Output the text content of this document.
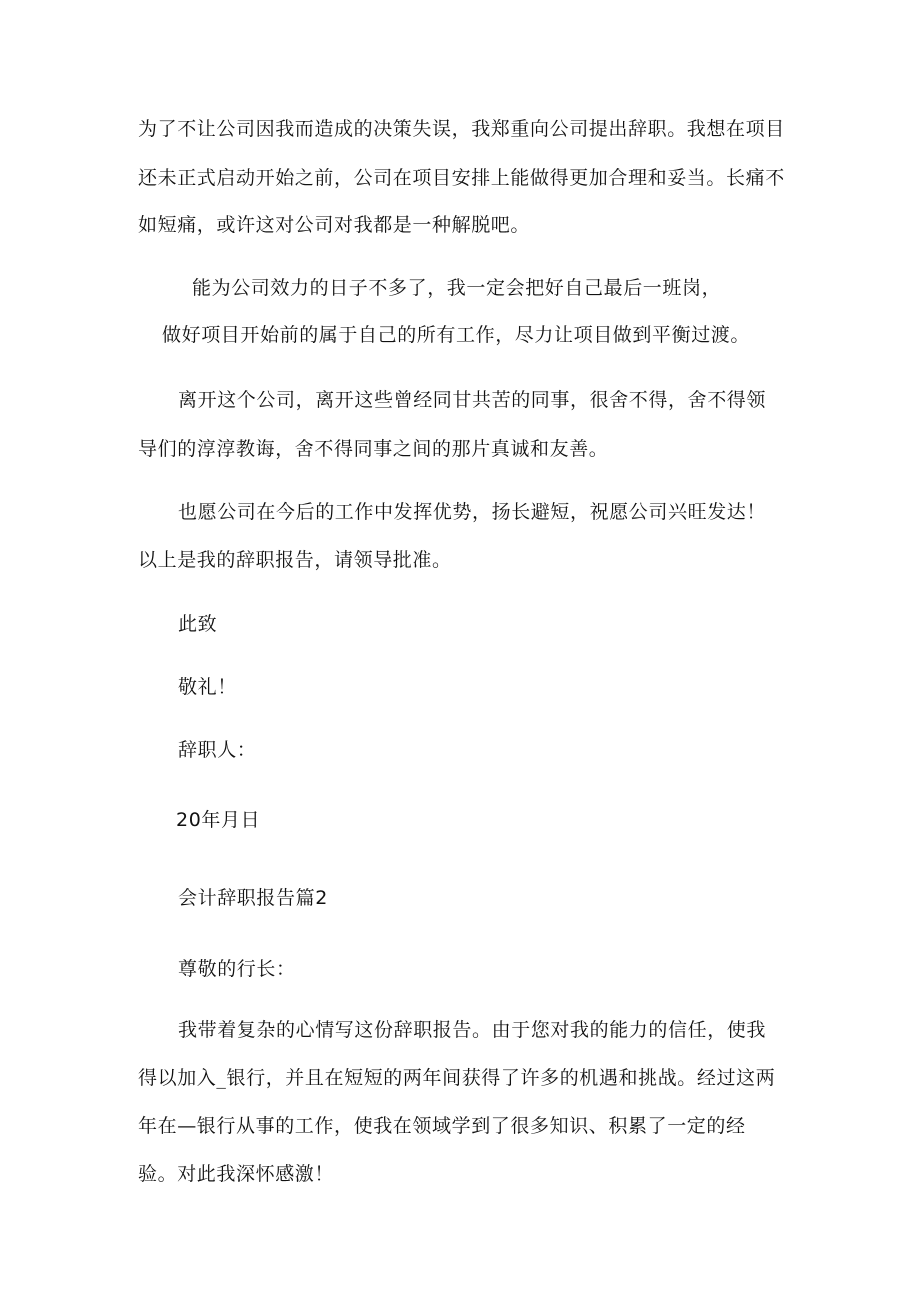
为了不让公司因我而造成的决策失误，我郑重向公司提出辞职。我想在项目
还未正式启动开始之前，公司在项目安排上能做得更加合理和妥当。长痛不
如短痛，或许这对公司对我都是一种解脱吧。
能为公司效力的日子不多了，我一定会把好自己最后一班岗，
做好项目开始前的属于自己的所有工作，尽力让项目做到平衡过渡。
离开这个公司，离开这些曾经同甘共苦的同事，很舍不得，舍不得领
导们的淳淳教诲，舍不得同事之间的那片真诚和友善。
也愿公司在今后的工作中发挥优势，扬长避短，祝愿公司兴旺发达！
以上是我的辞职报告，请领导批准。
此致
敬礼！
辞职人：
20年月日
会计辞职报告篇2
尊敬的行长：
我带着复杂的心情写这份辞职报告。由于您对我的能力的信任，使我
得以加入_银行，并且在短短的两年间获得了许多的机遇和挑战。经过这两
年在—银行从事的工作，使我在领域学到了很多知识、积累了一定的经
验。对此我深怀感激！
